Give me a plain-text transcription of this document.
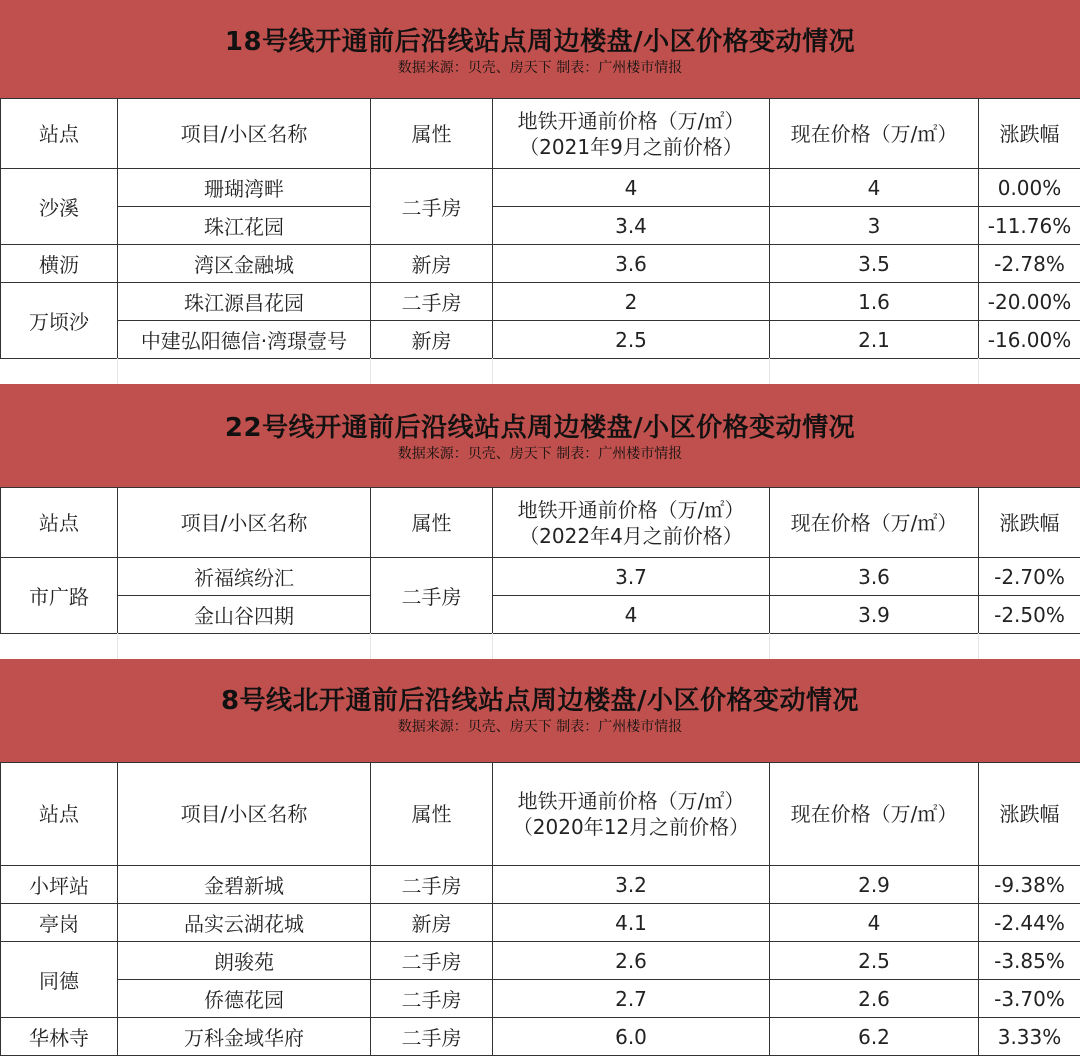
18号线开通前后沿线站点周边楼盘/小区价格变动情况
数据来源：贝壳、房天下 制表：广州楼市情报
站点	项目/小区名称	属性	地铁开通前价格（万/㎡）
（2021年9月之前价格）	现在价格（万/㎡）	涨跌幅
沙溪	珊瑚湾畔	二手房	4	4	0.00%
	珠江花园		3.4	3	-11.76%
横沥	湾区金融城	新房	3.6	3.5	-2.78%
万顷沙	珠江源昌花园	二手房	2	1.6	-20.00%
	中建弘阳德信·湾璟壹号	新房	2.5	2.1	-16.00%
22号线开通前后沿线站点周边楼盘/小区价格变动情况
数据来源：贝壳、房天下 制表：广州楼市情报
站点	项目/小区名称	属性	地铁开通前价格（万/㎡）
（2022年4月之前价格）	现在价格（万/㎡）	涨跌幅
市广路	祈福缤纷汇	二手房	3.7	3.6	-2.70%
	金山谷四期		4	3.9	-2.50%
8号线北开通前后沿线站点周边楼盘/小区价格变动情况
数据来源：贝壳、房天下 制表：广州楼市情报
站点	项目/小区名称	属性	地铁开通前价格（万/㎡）
（2020年12月之前价格）	现在价格（万/㎡）	涨跌幅
小坪站	金碧新城	二手房	3.2	2.9	-9.38%
亭岗	品实云湖花城	新房	4.1	4	-2.44%
同德	朗骏苑	二手房	2.6	2.5	-3.85%
	侨德花园	二手房	2.7	2.6	-3.70%
华林寺	万科金域华府	二手房	6.0	6.2	3.33%
